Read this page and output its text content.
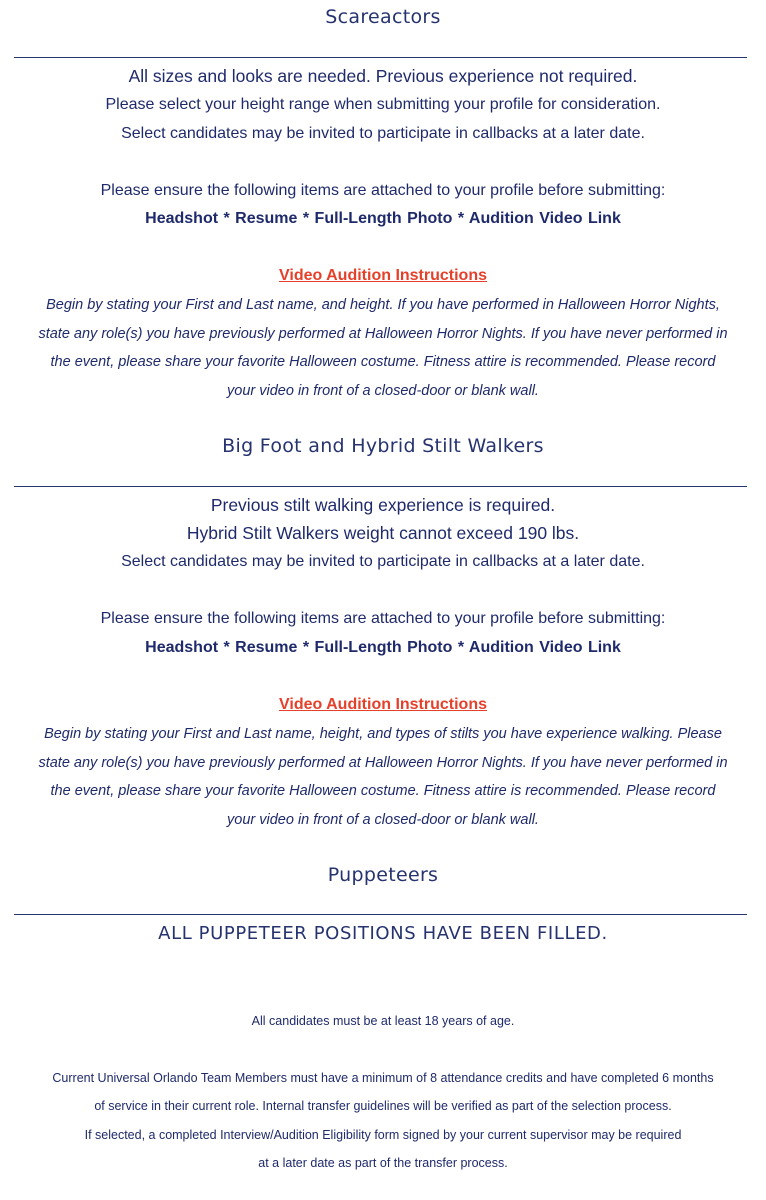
Scareactors
All sizes and looks are needed. Previous experience not required.
Please select your height range when submitting your profile for consideration.
Select candidates may be invited to participate in callbacks at a later date.
Please ensure the following items are attached to your profile before submitting:
Headshot * Resume * Full-Length Photo * Audition Video Link
Video Audition Instructions
Begin by stating your First and Last name, and height. If you have performed in Halloween Horror Nights,
state any role(s) you have previously performed at Halloween Horror Nights. If you have never performed in
the event, please share your favorite Halloween costume. Fitness attire is recommended. Please record
your video in front of a closed-door or blank wall.
Big Foot and Hybrid Stilt Walkers
Previous stilt walking experience is required.
Hybrid Stilt Walkers weight cannot exceed 190 lbs.
Select candidates may be invited to participate in callbacks at a later date.
Please ensure the following items are attached to your profile before submitting:
Headshot * Resume * Full-Length Photo * Audition Video Link
Video Audition Instructions
Begin by stating your First and Last name, height, and types of stilts you have experience walking. Please
state any role(s) you have previously performed at Halloween Horror Nights. If you have never performed in
the event, please share your favorite Halloween costume. Fitness attire is recommended. Please record
your video in front of a closed-door or blank wall.
Puppeteers
ALL PUPPETEER POSITIONS HAVE BEEN FILLED.
All candidates must be at least 18 years of age.
Current Universal Orlando Team Members must have a minimum of 8 attendance credits and have completed 6 months
of service in their current role. Internal transfer guidelines will be verified as part of the selection process.
If selected, a completed Interview/Audition Eligibility form signed by your current supervisor may be required
at a later date as part of the transfer process.
